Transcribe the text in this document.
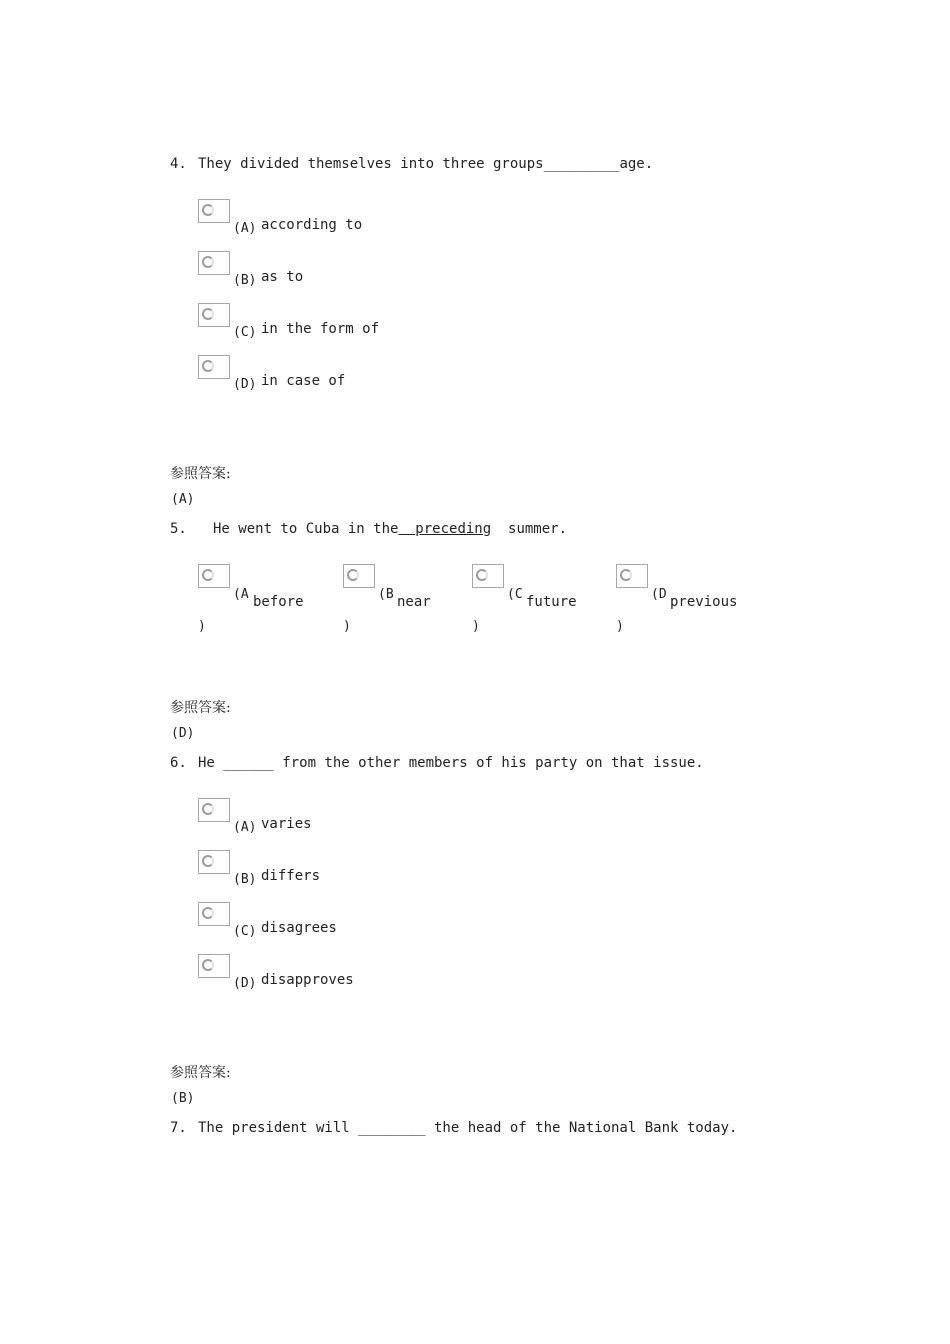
4. They divided themselves into three groups_________age.
(A) according to
(B) as to
(C) in the form of
(D) in case of
参照答案:
(A)
5. He went to Cuba in the  preceding  summer.
(A before
)
(B near
)
(C future
)
(D previous
)
参照答案:
(D)
6. He ______ from the other members of his party on that issue.
(A) varies
(B) differs
(C) disagrees
(D) disapproves
参照答案:
(B)
7. The president will ________ the head of the National Bank today.
